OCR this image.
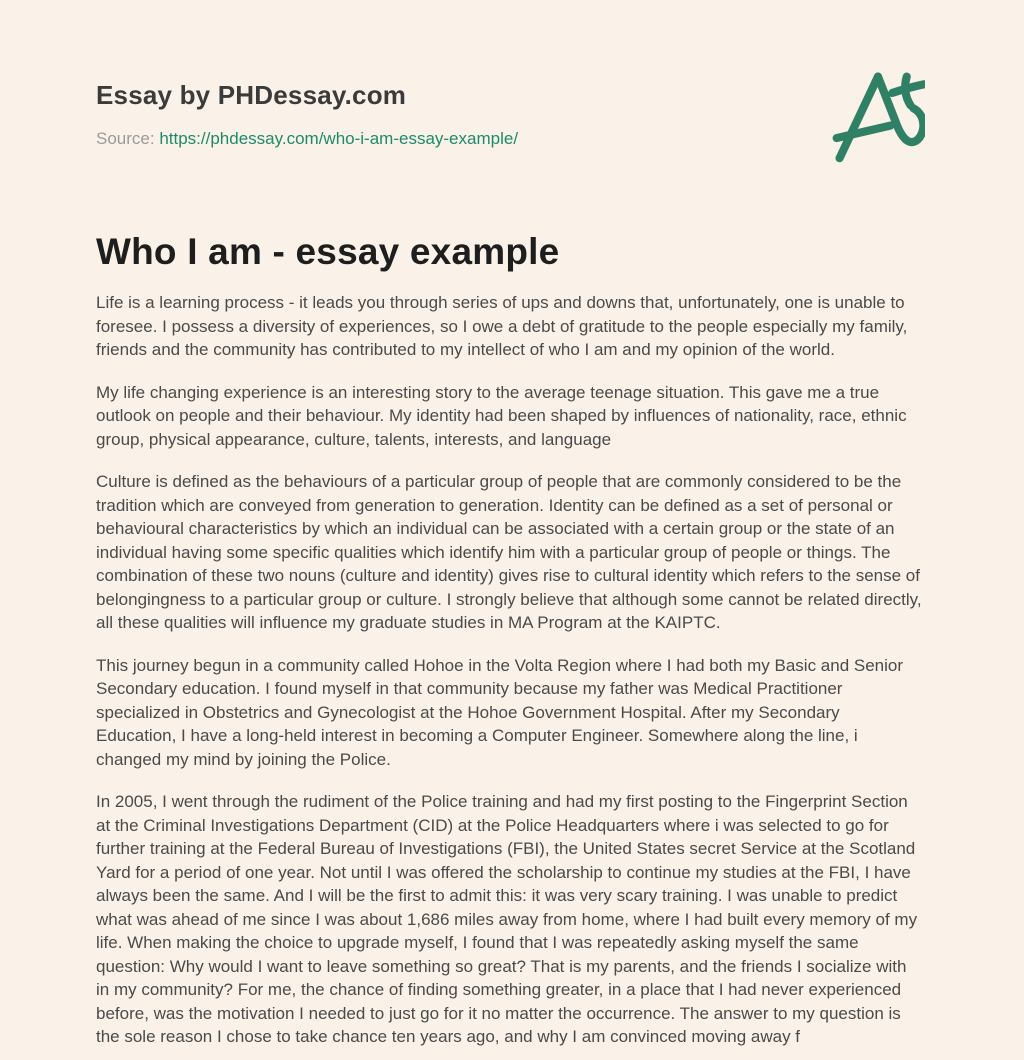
Essay by PHDessay.com
Source: https://phdessay.com/who-i-am-essay-example/
Who I am - essay example

Life is a learning process - it leads you through series of ups and downs that, unfortunately, one is unable to foresee. I possess a diversity of experiences, so I owe a debt of gratitude to the people especially my family, friends and the community has contributed to my intellect of who I am and my opinion of the world.

My life changing experience is an interesting story to the average teenage situation. This gave me a true outlook on people and their behaviour. My identity had been shaped by influences of nationality, race, ethnic group, physical appearance, culture, talents, interests, and language

Culture is defined as the behaviours of a particular group of people that are commonly considered to be the tradition which are conveyed from generation to generation. Identity can be defined as a set of personal or behavioural characteristics by which an individual can be associated with a certain group or the state of an individual having some specific qualities which identify him with a particular group of people or things. The combination of these two nouns (culture and identity) gives rise to cultural identity which refers to the sense of belongingness to a particular group or culture. I strongly believe that although some cannot be related directly, all these qualities will influence my graduate studies in MA Program at the KAIPTC.

This journey begun in a community called Hohoe in the Volta Region where I had both my Basic and Senior Secondary education. I found myself in that community because my father was Medical Practitioner specialized in Obstetrics and Gynecologist at the Hohoe Government Hospital. After my Secondary Education, I have a long-held interest in becoming a Computer Engineer. Somewhere along the line, i changed my mind by joining the Police.

In 2005, I went through the rudiment of the Police training and had my first posting to the Fingerprint Section at the Criminal Investigations Department (CID) at the Police Headquarters where i was selected to go for further training at the Federal Bureau of Investigations (FBI), the United States secret Service at the Scotland Yard for a period of one year. Not until I was offered the scholarship to continue my studies at the FBI, I have always been the same. And I will be the first to admit this: it was very scary training. I was unable to predict what was ahead of me since I was about 1,686 miles away from home, where I had built every memory of my life. When making the choice to upgrade myself, I found that I was repeatedly asking myself the same question: Why would I want to leave something so great? That is my parents, and the friends I socialize with in my community? For me, the chance of finding something greater, in a place that I had never experienced before, was the motivation I needed to just go for it no matter the occurrence. The answer to my question is the sole reason I chose to take chance ten years ago, and why I am convinced moving away f
